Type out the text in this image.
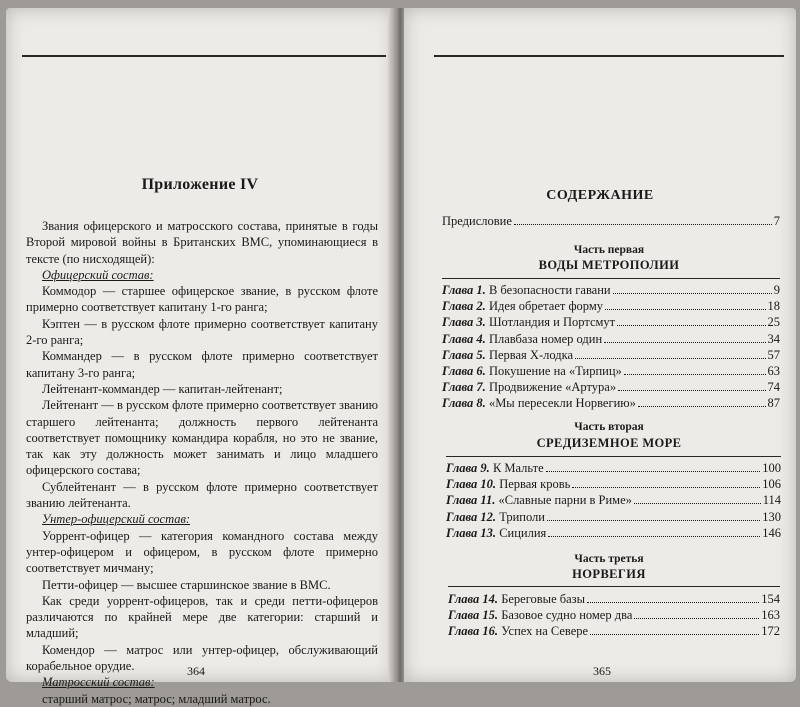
Приложение IV

Звания офицерского и матросского состава, принятые в годы Второй мировой войны в Британских ВМС, упоминающиеся в тексте (по нисходящей):

Офицерский состав:

Коммодор — старшее офицерское звание, в русском флоте примерно соответствует капитану 1-го ранга;

Кэптен — в русском флоте примерно соответствует капитану 2-го ранга;

Коммандер — в русском флоте примерно соответствует капитану 3-го ранга;

Лейтенант-коммандер — капитан-лейтенант;

Лейтенант — в русском флоте примерно соответствует званию старшего лейтенанта; должность первого лейтенанта соответствует помощнику командира корабля, но это не звание, так как эту должность может занимать и лицо младшего офицерского состава;

Сублейтенант — в русском флоте примерно соответствует званию лейтенанта.

Унтер-офицерский состав:

Уоррент-офицер — категория командного состава между унтер-офицером и офицером, в русском флоте примерно соответствует мичману;

Петти-офицер — высшее старшинское звание в ВМС.

Как среди уоррент-офицеров, так и среди петти-офицеров различаются по крайней мере две категории: старший и младший;

Комендор — матрос или унтер-офицер, обслуживающий корабельное орудие.

Матросский состав:

старший матрос; матрос; младший матрос.

364
СОДЕРЖАНИЕ
Предисловие	7
Часть первая
ВОДЫ МЕТРОПОЛИИ
Глава 1. В безопасности гавани	9
Глава 2. Идея обретает форму	18
Глава 3. Шотландия и Портсмут	25
Глава 4. Плавбаза номер один	34
Глава 5. Первая Х-лодка	57
Глава 6. Покушение на «Тирпиц»	63
Глава 7. Продвижение «Артура»	74
Глава 8. «Мы пересекли Норвегию»	87
Часть вторая
СРЕДИЗЕМНОЕ МОРЕ
Глава 9. К Мальте	100
Глава 10. Первая кровь	106
Глава 11. «Славные парни в Риме»	114
Глава 12. Триполи	130
Глава 13. Сицилия	146
Часть третья
НОРВЕГИЯ
Глава 14. Береговые базы	154
Глава 15. Базовое судно номер два	163
Глава 16. Успех на Севере	172
365
